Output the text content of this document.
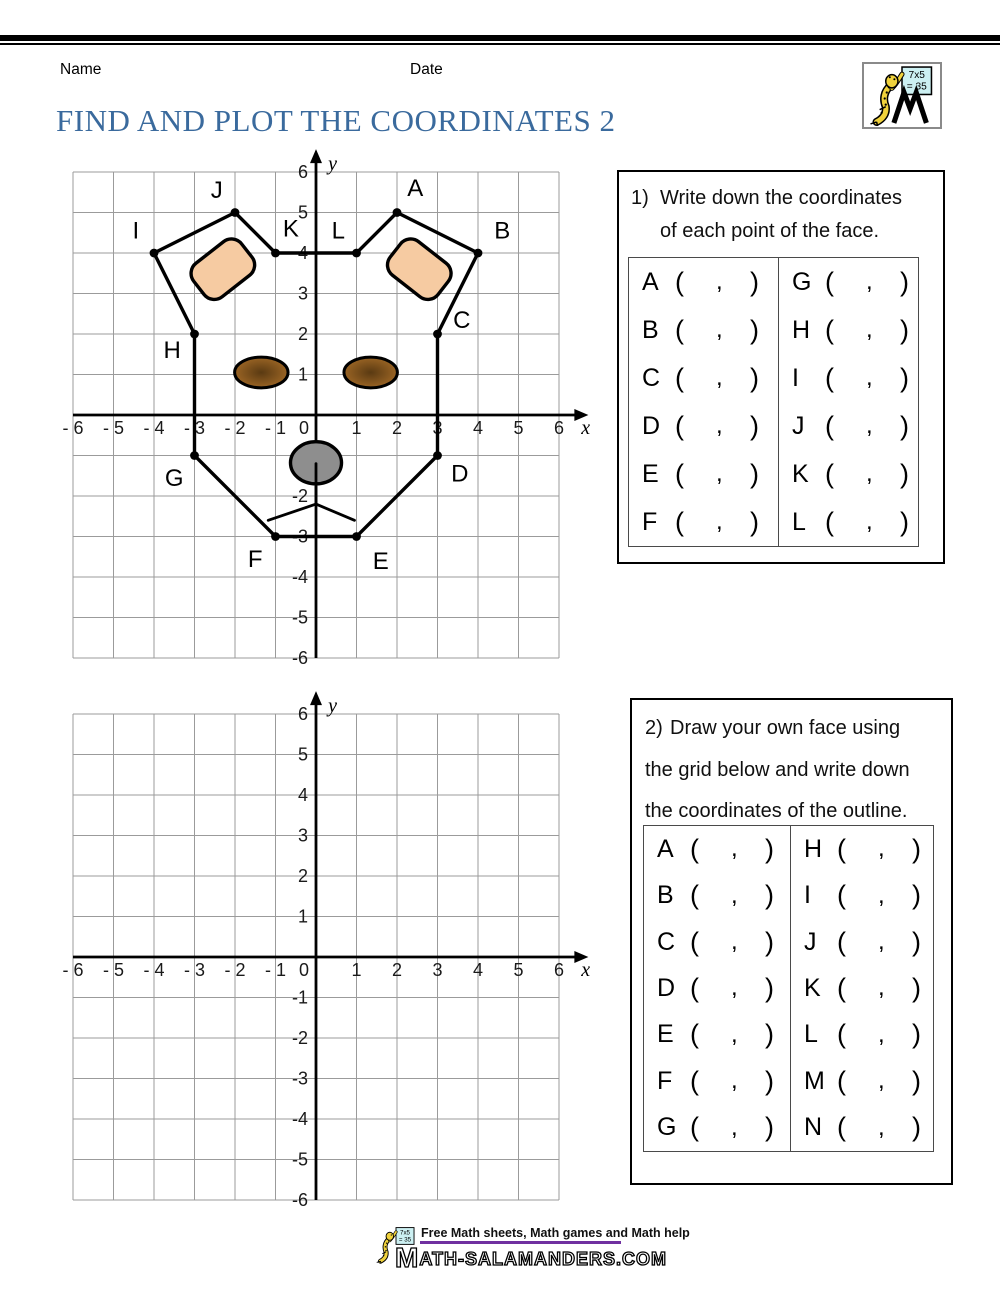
Name	Date	7x5
= 35
FIND AND PLOT THE COORDINATES 2
- 6
-6
- 5
-5
- 4
-4
- 3
-3
- 2
-2
- 1 0 1
1
2
2
3
3
4
4
5
5
6
6
x
y
A
B
C
D
E
F
G
H
I
J
K L
- 6
-6
- 5
-5
- 4
-4
- 3
-3
- 2
-2
- 1
-1
0 1
1
2
2
3
3
4
4
5
5
6
6
x
y
1) Write down the coordinates
of each point of the face.
A (	,	)
B (	,	)
C (	,	)
D (	,	)
E (	,	)
F (	,	)
G (	,	)
H (	,	)
I (	,	)
J (	,	)
K (	,	)
L (	,	)
2) Draw your own face using
the grid below and write down
the coordinates of the outline.
A (	,	)
B (	,	)
C (	,	)
D (	,	)
E (	,	)
F (	,	)
G (	,	)
H (	,	)
I (	,	)
J (	,	)
K (	,	)
L (	,	)
M (	,	)
N (	,	)
7x5
= 35 Free Math sheets, Math games and Math help
MATH-SALAMANDERS.COM
